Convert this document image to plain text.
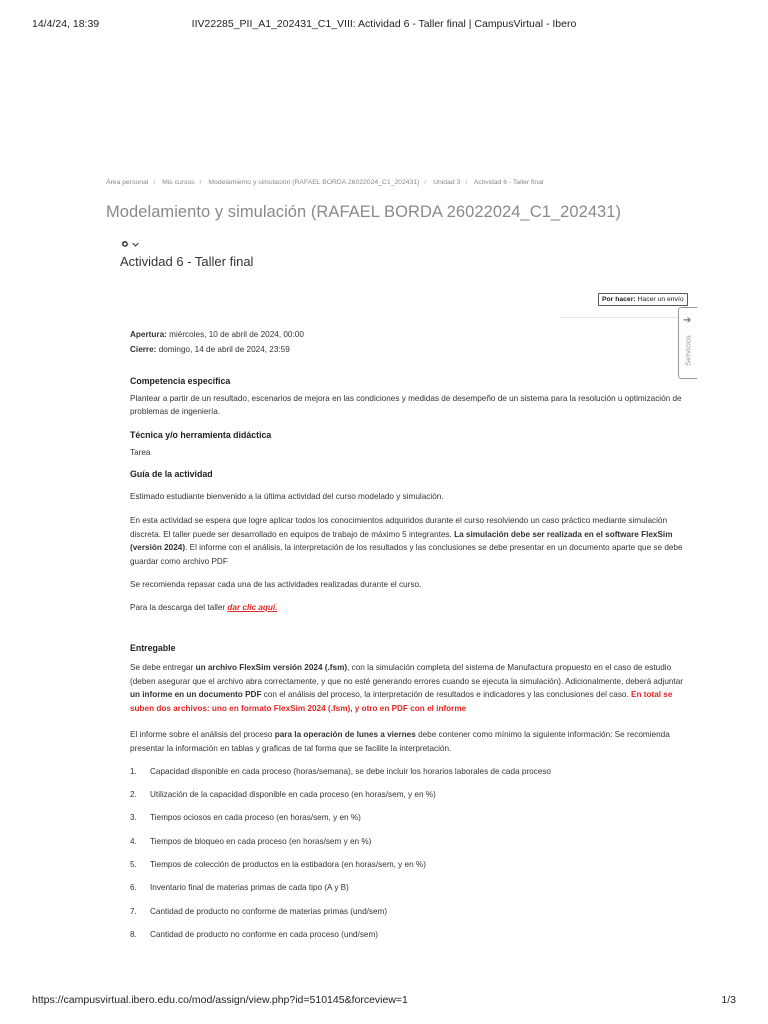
14/4/24, 18:39	IIV22285_PII_A1_202431_C1_VIII: Actividad 6 - Taller final | CampusVirtual - Ibero
Área personal / Mis cursos / Modelamiento y simulación (RAFAEL BORDA 26022024_C1_202431) / Unidad 3 / Actividad 6 - Taller final
Modelamiento y simulación (RAFAEL BORDA 26022024_C1_202431)
Actividad 6 - Taller final
Por hacer: Hacer un envío
➔
Servicios
Apertura: miércoles, 10 de abril de 2024, 00:00
Cierre: domingo, 14 de abril de 2024, 23:59

Competencia específica

Plantear a partir de un resultado, escenarios de mejora en las condiciones y medidas de desempeño de un sistema para la resolución u optimización de problemas de ingeniería.

Técnica y/o herramienta didáctica

Tarea

Guía de la actividad

Estimado estudiante bienvenido a la última actividad del curso modelado y simulación.

En esta actividad se espera que logre aplicar todos los conocimientos adquiridos durante el curso resolviendo un caso práctico mediante simulación discreta. El taller puede ser desarrollado en equipos de trabajo de máximo 5 integrantes. La simulación debe ser realizada en el software FlexSim (versión 2024). El informe con el análisis, la interpretación de los resultados y las conclusiones se debe presentar en un documento aparte que se debe guardar como archivo PDF

Se recomienda repasar cada una de las actividades realizadas durante el curso.

Para la descarga del taller dar clic aquí.

Entregable

Se debe entregar un archivo FlexSim versión 2024 (.fsm), con la simulación completa del sistema de Manufactura propuesto en el caso de estudio (deben asegurar que el archivo abra correctamente, y que no esté generando errores cuando se ejecuta la simulación). Adicionalmente, deberá adjuntar un informe en un documento PDF con el análisis del proceso, la interpretación de resultados e indicadores y las conclusiones del caso. En total se suben dos archivos: uno en formato FlexSim 2024 (.fsm), y otro en PDF con el informe

El informe sobre el análisis del proceso para la operación de lunes a viernes debe contener como mínimo la siguiente información: Se recomienda presentar la información en tablas y graficas de tal forma que se facilite la interpretación.

1.	Capacidad disponible en cada proceso (horas/semana), se debe incluir los horarios laborales de cada proceso
2.	Utilización de la capacidad disponible en cada proceso (en horas/sem, y en %)
3.	Tiempos ociosos en cada proceso (en horas/sem, y en %)
4.	Tiempos de bloqueo en cada proceso (en horas/sem y en %)
5.	Tiempos de colección de productos en la estibadora (en horas/sem, y en %)
6.	Inventario final de materias primas de cada tipo (A y B)
7.	Cantidad de producto no conforme de materias primas (und/sem)
8.	Cantidad de producto no conforme en cada proceso (und/sem)
https://campusvirtual.ibero.edu.co/mod/assign/view.php?id=510145&forceview=1	1/3
